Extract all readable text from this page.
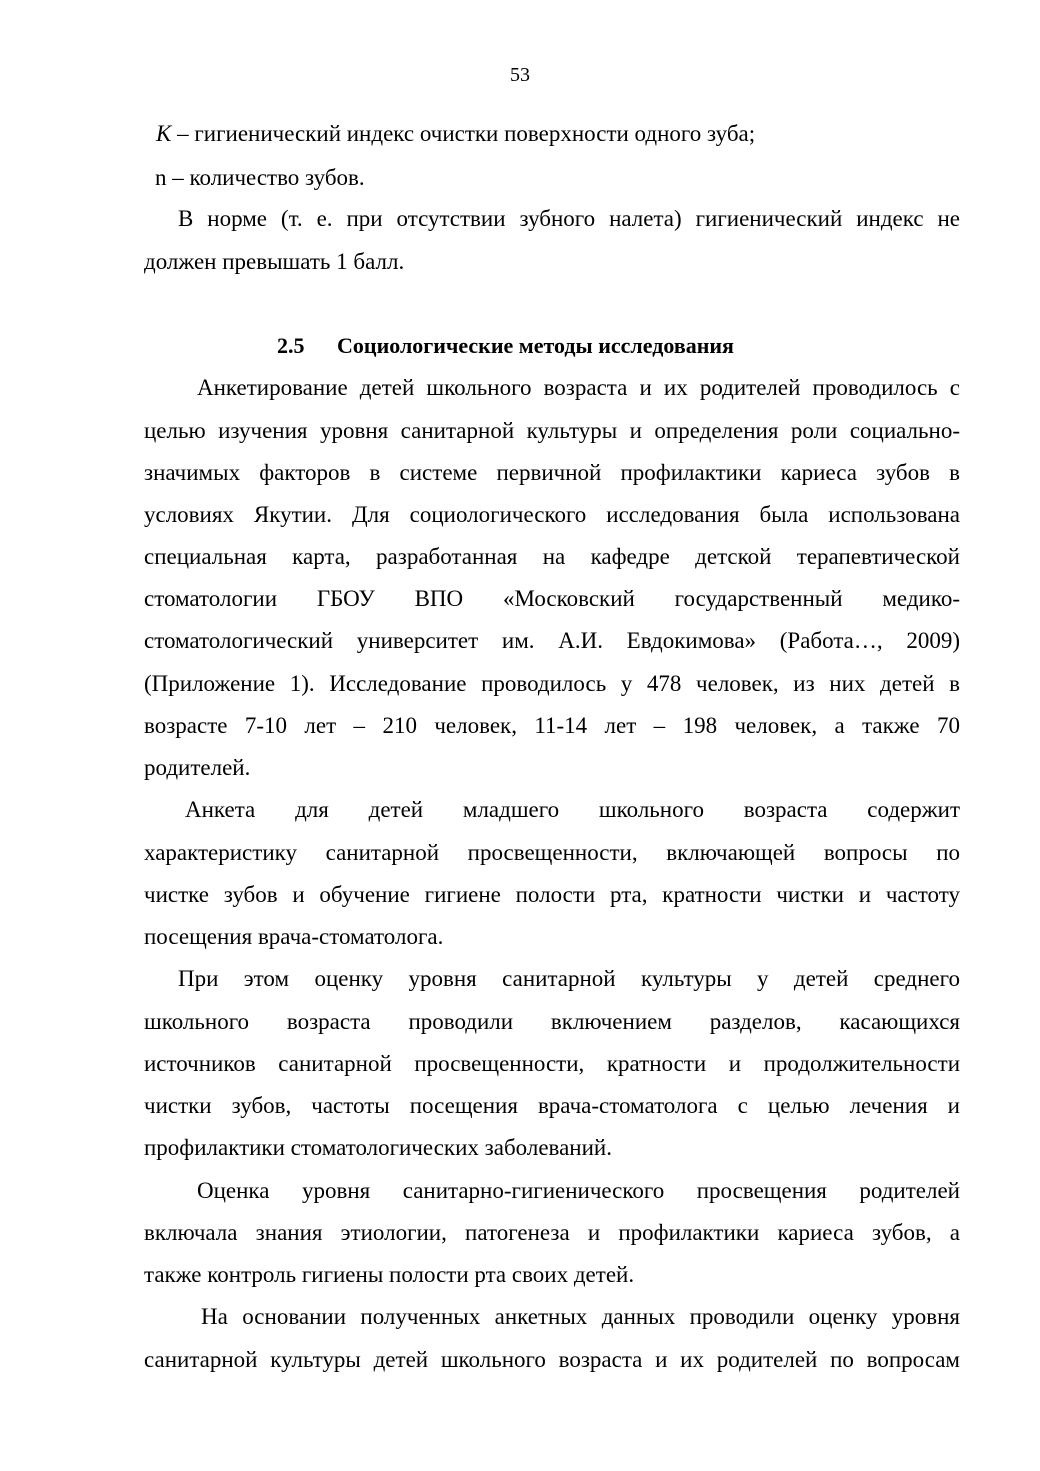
53
K – гигиенический индекс очистки поверхности одного зуба;
n – количество зубов.
В норме (т. е. при отсутствии зубного налета) гигиенический индекс не
должен превышать 1 балл.
2.5 Социологические методы исследования
Анкетирование детей школьного возраста и их родителей проводилось с
целью изучения уровня санитарной культуры и определения роли социально-
значимых факторов в системе первичной профилактики кариеса зубов в
условиях Якутии. Для социологического исследования была использована
специальная карта, разработанная на кафедре детской терапевтической
стоматологии ГБОУ ВПО «Московский государственный медико-
стоматологический университет им. А.И. Евдокимова» (Работа…, 2009)
(Приложение 1). Исследование проводилось у 478 человек, из них детей в
возрасте 7-10 лет – 210 человек, 11-14 лет – 198 человек, а также 70
родителей.
Анкета для детей младшего школьного возраста содержит
характеристику санитарной просвещенности, включающей вопросы по
чистке зубов и обучение гигиене полости рта, кратности чистки и частоту
посещения врача-стоматолога.
При этом оценку уровня санитарной культуры у детей среднего
школьного возраста проводили включением разделов, касающихся
источников санитарной просвещенности, кратности и продолжительности
чистки зубов, частоты посещения врача-стоматолога с целью лечения и
профилактики стоматологических заболеваний.
Оценка уровня санитарно-гигиенического просвещения родителей
включала знания этиологии, патогенеза и профилактики кариеса зубов, а
также контроль гигиены полости рта своих детей.
На основании полученных анкетных данных проводили оценку уровня
санитарной культуры детей школьного возраста и их родителей по вопросам
